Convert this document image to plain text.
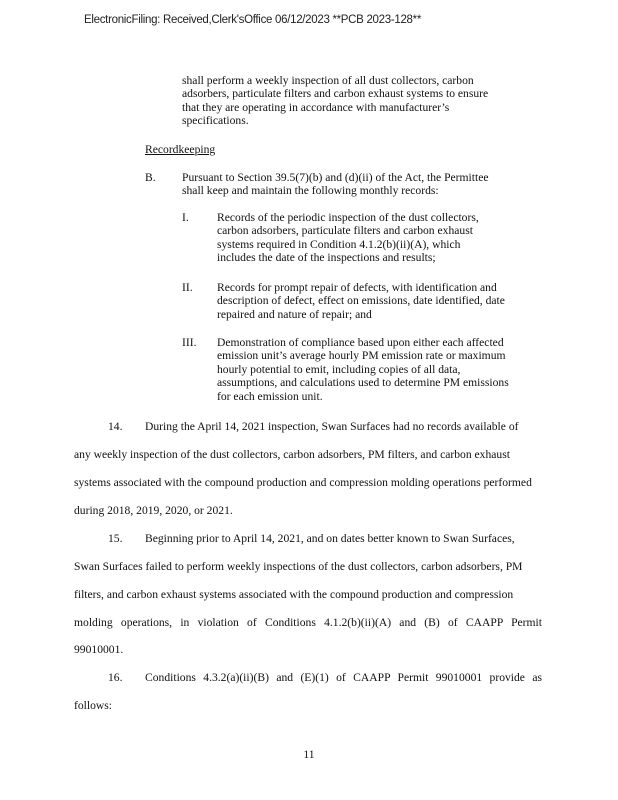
ElectronicFiling: Received,Clerk'sOffice 06/12/2023 **PCB 2023-128**
shall perform a weekly inspection of all dust collectors, carbon adsorbers, particulate filters and carbon exhaust systems to ensure that they are operating in accordance with manufacturer’s specifications.
Recordkeeping
B. Pursuant to Section 39.5(7)(b) and (d)(ii) of the Act, the Permittee shall keep and maintain the following monthly records:
I. Records of the periodic inspection of the dust collectors, carbon adsorbers, particulate filters and carbon exhaust systems required in Condition 4.1.2(b)(ii)(A), which includes the date of the inspections and results;
II. Records for prompt repair of defects, with identification and description of defect, effect on emissions, date identified, date repaired and nature of repair; and
III. Demonstration of compliance based upon either each affected emission unit’s average hourly PM emission rate or maximum hourly potential to emit, including copies of all data, assumptions, and calculations used to determine PM emissions for each emission unit.
14. During the April 14, 2021 inspection, Swan Surfaces had no records available of
any weekly inspection of the dust collectors, carbon adsorbers, PM filters, and carbon exhaust
systems associated with the compound production and compression molding operations performed
during 2018, 2019, 2020, or 2021.
15. Beginning prior to April 14, 2021, and on dates better known to Swan Surfaces,
Swan Surfaces failed to perform weekly inspections of the dust collectors, carbon adsorbers, PM
filters, and carbon exhaust systems associated with the compound production and compression
molding operations, in violation of Conditions 4.1.2(b)(ii)(A) and (B) of CAAPP Permit
99010001.
16. Conditions 4.3.2(a)(ii)(B) and (E)(1) of CAAPP Permit 99010001 provide as
follows:
11
